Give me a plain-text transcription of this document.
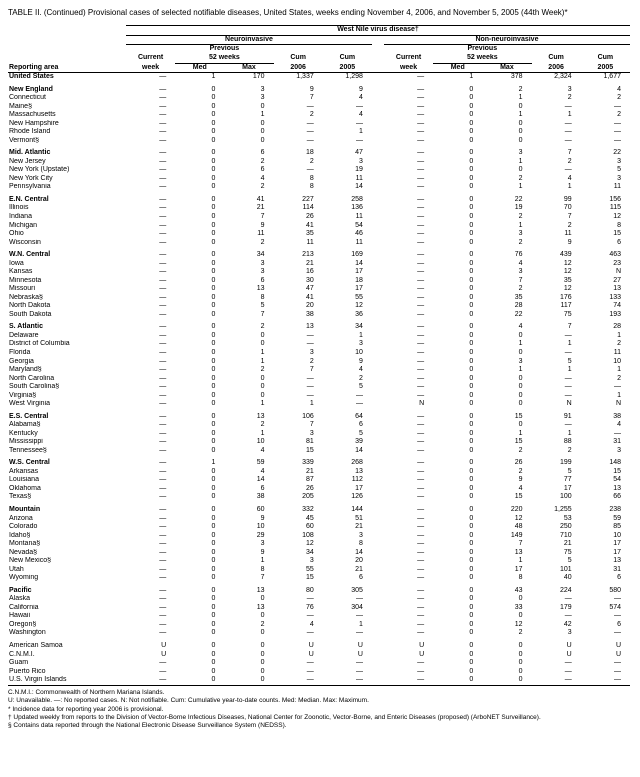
TABLE II. (Continued) Provisional cases of selected notifiable diseases, United States, weeks ending November 4, 2006, and November 5, 2005 (44th Week)*
	West Nile virus disease†										
	Neuroinvasive						Non-neuroinvasive				
		Previous						Previous			
	Current	52 weeks		Cum	Cum		Current	52 weeks		Cum	Cum
Reporting area	week	Med	Max	2006	2005		week	Med	Max	2006	2005
United States	—	1	170	1,337	1,298		—	1	378	2,324	1,677
New England	—	0	3	9	9		—	0	2	3	4
Connecticut	—	0	3	7	4		—	0	1	2	2
Maine§	—	0	0	—	—		—	0	0	—	—
Massachusetts	—	0	1	2	4		—	0	1	1	2
New Hampshire	—	0	0	—	—		—	0	0	—	—
Rhode Island	—	0	0	—	1		—	0	0	—	—
Vermont§	—	0	0	—	—		—	0	0	—	—
Mid. Atlantic	—	0	6	18	47		—	0	3	7	22
New Jersey	—	0	2	2	3		—	0	1	2	3
New York (Upstate)	—	0	6	—	19		—	0	0	—	5
New York City	—	0	4	8	11		—	0	2	4	3
Pennsylvania	—	0	2	8	14		—	0	1	1	11
E.N. Central	—	0	41	227	258		—	0	22	99	156
Illinois	—	0	21	114	136		—	0	19	70	115
Indiana	—	0	7	26	11		—	0	2	7	12
Michigan	—	0	9	41	54		—	0	1	2	8
Ohio	—	0	11	35	46		—	0	3	11	15
Wisconsin	—	0	2	11	11		—	0	2	9	6
W.N. Central	—	0	34	213	169		—	0	76	439	463
Iowa	—	0	3	21	14		—	0	4	12	23
Kansas	—	0	3	16	17		—	0	3	12	N
Minnesota	—	0	6	30	18		—	0	7	35	27
Missouri	—	0	13	47	17		—	0	2	12	13
Nebraska§	—	0	8	41	55		—	0	35	176	133
North Dakota	—	0	5	20	12		—	0	28	117	74
South Dakota	—	0	7	38	36		—	0	22	75	193
S. Atlantic	—	0	2	13	34		—	0	4	7	28
Delaware	—	0	0	—	1		—	0	0	—	1
District of Columbia	—	0	0	—	3		—	0	1	1	2
Florida	—	0	1	3	10		—	0	0	—	11
Georgia	—	0	1	2	9		—	0	3	5	10
Maryland§	—	0	2	7	4		—	0	1	1	1
North Carolina	—	0	0	—	2		—	0	0	—	2
South Carolina§	—	0	0	—	5		—	0	0	—	—
Virginia§	—	0	0	—	—		—	0	0	—	1
West Virginia	—	0	1	1	—		N	0	0	N	N
E.S. Central	—	0	13	106	64		—	0	15	91	38
Alabama§	—	0	2	7	6		—	0	0	—	4
Kentucky	—	0	1	3	5		—	0	1	1	—
Mississippi	—	0	10	81	39		—	0	15	88	31
Tennessee§	—	0	4	15	14		—	0	2	2	3
W.S. Central	—	1	59	339	268		—	0	26	199	148
Arkansas	—	0	4	21	13		—	0	2	5	15
Louisiana	—	0	14	87	112		—	0	9	77	54
Oklahoma	—	0	6	26	17		—	0	4	17	13
Texas§	—	0	38	205	126		—	0	15	100	66
Mountain	—	0	60	332	144		—	0	220	1,255	238
Arizona	—	0	9	45	51		—	0	12	53	59
Colorado	—	0	10	60	21		—	0	48	250	85
Idaho§	—	0	29	108	3		—	0	149	710	10
Montana§	—	0	3	12	8		—	0	7	21	17
Nevada§	—	0	9	34	14		—	0	13	75	17
New Mexico§	—	0	1	3	20		—	0	1	5	13
Utah	—	0	8	55	21		—	0	17	101	31
Wyoming	—	0	7	15	6		—	0	8	40	6
Pacific	—	0	13	80	305		—	0	43	224	580
Alaska	—	0	0	—	—		—	0	0	—	—
California	—	0	13	76	304		—	0	33	179	574
Hawaii	—	0	0	—	—		—	0	0	—	—
Oregon§	—	0	2	4	1		—	0	12	42	6
Washington	—	0	0	—	—		—	0	2	3	—
American Samoa	U	0	0	U	U		U	0	0	U	U
C.N.M.I.	U	0	0	U	U		U	0	0	U	U
Guam	—	0	0	—	—		—	0	0	—	—
Puerto Rico	—	0	0	—	—		—	0	0	—	—
U.S. Virgin Islands	—	0	0	—	—		—	0	0	—	—
C.N.M.I.: Commonwealth of Northern Mariana Islands.
U: Unavailable. —: No reported cases. N: Not notifiable. Cum: Cumulative year-to-date counts. Med: Median. Max: Maximum.
* Incidence data for reporting year 2006 is provisional.
† Updated weekly from reports to the Division of Vector-Borne Infectious Diseases, National Center for Zoonotic, Vector-Borne, and Enteric Diseases (proposed) (ArboNET Surveillance).
§ Contains data reported through the National Electronic Disease Surveillance System (NEDSS).
